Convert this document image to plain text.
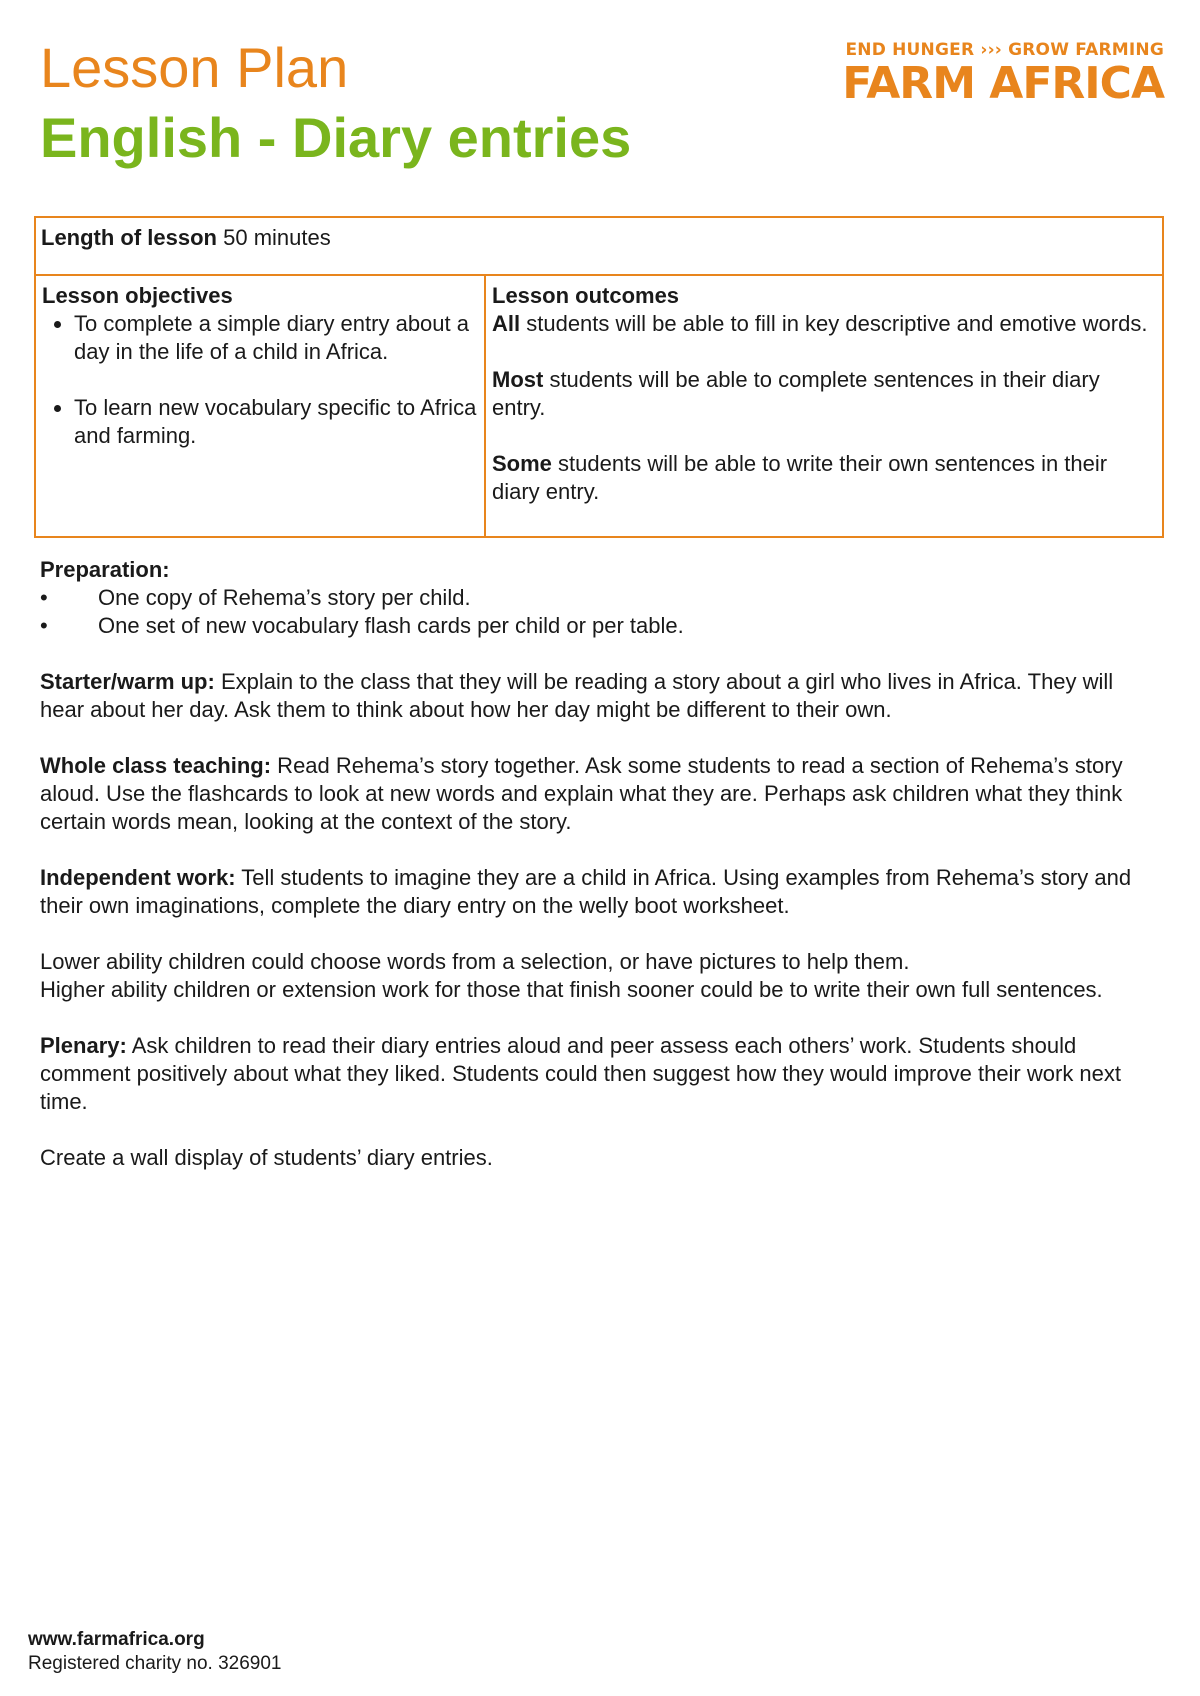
Lesson Plan
English - Diary entries
END HUNGER ››› GROW FARMING
FARM AFRICA
Length of lesson 50 minutes

Lesson objectives
• To complete a simple diary entry about a day in the life of a child in Africa.
• To learn new vocabulary specific to Africa and farming.

Lesson outcomes
All students will be able to fill in key descriptive and emotive words.
Most students will be able to complete sentences in their diary entry.
Some students will be able to write their own sentences in their diary entry.
Preparation:
• One copy of Rehema’s story per child.
• One set of new vocabulary flash cards per child or per table.

Starter/warm up: Explain to the class that they will be reading a story about a girl who lives in Africa. They will hear about her day. Ask them to think about how her day might be different to their own.

Whole class teaching: Read Rehema’s story together. Ask some students to read a section of Rehema’s story aloud. Use the flashcards to look at new words and explain what they are. Perhaps ask children what they think certain words mean, looking at the context of the story.

Independent work: Tell students to imagine they are a child in Africa. Using examples from Rehema’s story and their own imaginations, complete the diary entry on the welly boot worksheet.

Lower ability children could choose words from a selection, or have pictures to help them.
Higher ability children or extension work for those that finish sooner could be to write their own full sentences.

Plenary: Ask children to read their diary entries aloud and peer assess each others’ work. Students should comment positively about what they liked. Students could then suggest how they would improve their work next time.

Create a wall display of students’ diary entries.

www.farmafrica.org
Registered charity no. 326901
